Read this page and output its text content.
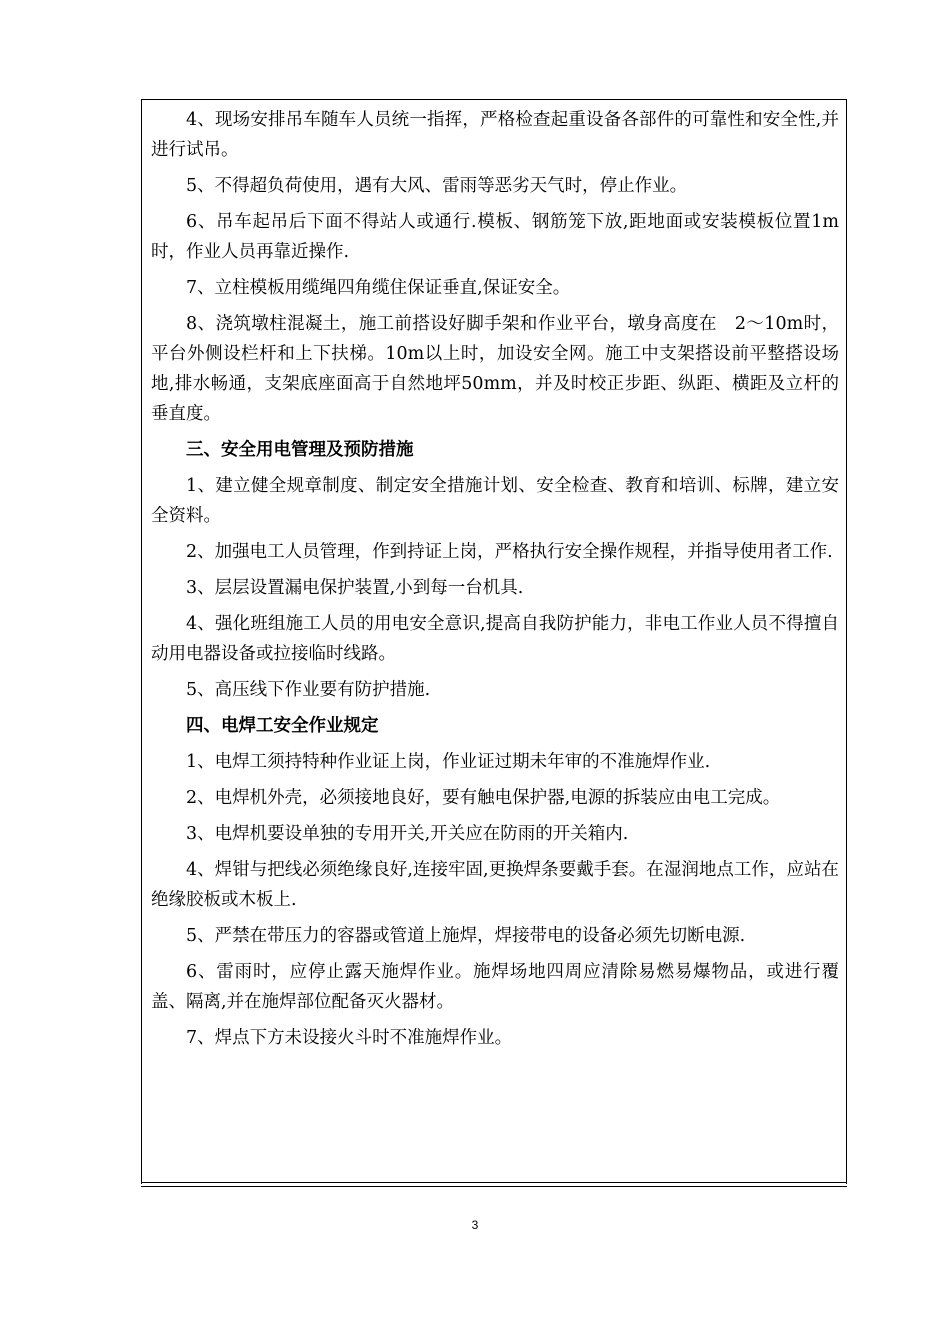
4、现场安排吊车随车人员统一指挥，严格检查起重设备各部件的可靠性和安全性,并进行试吊。

5、不得超负荷使用，遇有大风、雷雨等恶劣天气时，停止作业。

6、吊车起吊后下面不得站人或通行.模板、钢筋笼下放,距地面或安装模板位置1m时，作业人员再靠近操作.

7、立柱模板用缆绳四角缆住保证垂直,保证安全。

8、浇筑墩柱混凝土，施工前搭设好脚手架和作业平台，墩身高度在　2～10m时，平台外侧设栏杆和上下扶梯。10m以上时，加设安全网。施工中支架搭设前平整搭设场地,排水畅通，支架底座面高于自然地坪50mm，并及时校正步距、纵距、横距及立杆的垂直度。

三、安全用电管理及预防措施

1、建立健全规章制度、制定安全措施计划、安全检查、教育和培训、标牌，建立安全资料。

2、加强电工人员管理，作到持证上岗，严格执行安全操作规程，并指导使用者工作.

3、层层设置漏电保护装置,小到每一台机具.

4、强化班组施工人员的用电安全意识,提高自我防护能力，非电工作业人员不得擅自动用电器设备或拉接临时线路。

5、高压线下作业要有防护措施.

四、电焊工安全作业规定

1、电焊工须持特种作业证上岗，作业证过期未年审的不准施焊作业.

2、电焊机外壳，必须接地良好，要有触电保护器,电源的拆装应由电工完成。

3、电焊机要设单独的专用开关,开关应在防雨的开关箱内.

4、焊钳与把线必须绝缘良好,连接牢固,更换焊条要戴手套。在湿润地点工作，应站在绝缘胶板或木板上.

5、严禁在带压力的容器或管道上施焊，焊接带电的设备必须先切断电源.

6、雷雨时，应停止露天施焊作业。施焊场地四周应清除易燃易爆物品，或进行覆盖、隔离,并在施焊部位配备灭火器材。

7、焊点下方未设接火斗时不准施焊作业。

3
